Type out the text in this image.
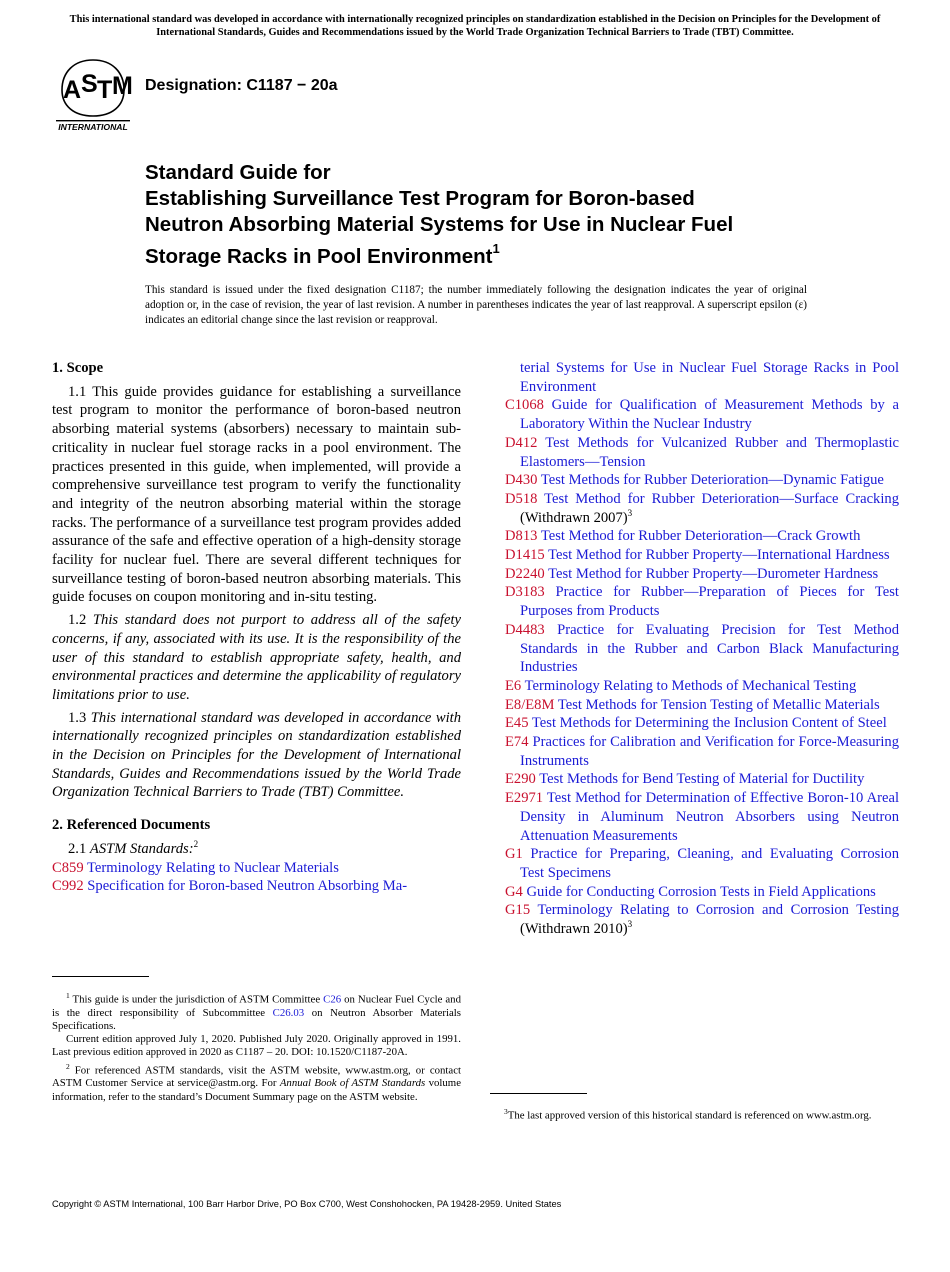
This international standard was developed in accordance with internationally recognized principles on standardization established in the Decision on Principles for the Development of International Standards, Guides and Recommendations issued by the World Trade Organization Technical Barriers to Trade (TBT) Committee.
A S T M
INTERNATIONAL
Designation: C1187 − 20a
Standard Guide for
Establishing Surveillance Test Program for Boron-based
Neutron Absorbing Material Systems for Use in Nuclear Fuel
Storage Racks in Pool Environment$^1$
This standard is issued under the fixed designation C1187; the number immediately following the designation indicates the year of original adoption or, in the case of revision, the year of last revision. A number in parentheses indicates the year of last reapproval. A superscript epsilon (ε) indicates an editorial change since the last revision or reapproval.
1. Scope

1.1 This guide provides guidance for establishing a surveillance test program to monitor the performance of boron-based neutron absorbing material systems (absorbers) necessary to maintain sub-criticality in nuclear fuel storage racks in a pool environment. The practices presented in this guide, when implemented, will provide a comprehensive surveillance test program to verify the functionality and integrity of the neutron absorbing material within the storage racks. The performance of a surveillance test program provides added assurance of the safe and effective operation of a high-density storage facility for nuclear fuel. There are several different techniques for surveillance testing of boron-based neutron absorbing materials. This guide focuses on coupon monitoring and in-situ testing.

1.2 This standard does not purport to address all of the safety concerns, if any, associated with its use. It is the responsibility of the user of this standard to establish appropriate safety, health, and environmental practices and determine the applicability of regulatory limitations prior to use.

1.3 This international standard was developed in accordance with internationally recognized principles on standardization established in the Decision on Principles for the Development of International Standards, Guides and Recommendations issued by the World Trade Organization Technical Barriers to Trade (TBT) Committee.

2. Referenced Documents

2.1 ASTM Standards:$^2$

C859 Terminology Relating to Nuclear Materials

C992 Specification for Boron-based Neutron Absorbing Ma-

terial Systems for Use in Nuclear Fuel Storage Racks in Pool Environment

C1068 Guide for Qualification of Measurement Methods by a Laboratory Within the Nuclear Industry

D412 Test Methods for Vulcanized Rubber and Thermoplastic Elastomers—Tension

D430 Test Methods for Rubber Deterioration—Dynamic Fatigue

D518 Test Method for Rubber Deterioration—Surface Cracking (Withdrawn 2007)$^3$

D813 Test Method for Rubber Deterioration—Crack Growth

D1415 Test Method for Rubber Property—International Hardness

D2240 Test Method for Rubber Property—Durometer Hardness

D3183 Practice for Rubber—Preparation of Pieces for Test Purposes from Products

D4483 Practice for Evaluating Precision for Test Method Standards in the Rubber and Carbon Black Manufacturing Industries

E6 Terminology Relating to Methods of Mechanical Testing

E8/E8M Test Methods for Tension Testing of Metallic Materials

E45 Test Methods for Determining the Inclusion Content of Steel

E74 Practices for Calibration and Verification for Force-Measuring Instruments

E290 Test Methods for Bend Testing of Material for Ductility

E2971 Test Method for Determination of Effective Boron-10 Areal Density in Aluminum Neutron Absorbers using Neutron Attenuation Measurements

G1 Practice for Preparing, Cleaning, and Evaluating Corrosion Test Specimens

G4 Guide for Conducting Corrosion Tests in Field Applications

G15 Terminology Relating to Corrosion and Corrosion Testing (Withdrawn 2010)$^3$

$^1$ This guide is under the jurisdiction of ASTM Committee C26 on Nuclear Fuel Cycle and is the direct responsibility of Subcommittee C26.03 on Neutron Absorber Materials Specifications.

Current edition approved July 1, 2020. Published July 2020. Originally approved in 1991. Last previous edition approved in 2020 as C1187 – 20. DOI: 10.1520/C1187-20A.

$^2$ For referenced ASTM standards, visit the ASTM website, www.astm.org, or contact ASTM Customer Service at service@astm.org. For Annual Book of ASTM Standards volume information, refer to the standard’s Document Summary page on the ASTM website.

$^3$The last approved version of this historical standard is referenced on www.astm.org.

Copyright © ASTM International, 100 Barr Harbor Drive, PO Box C700, West Conshohocken, PA 19428-2959. United States
